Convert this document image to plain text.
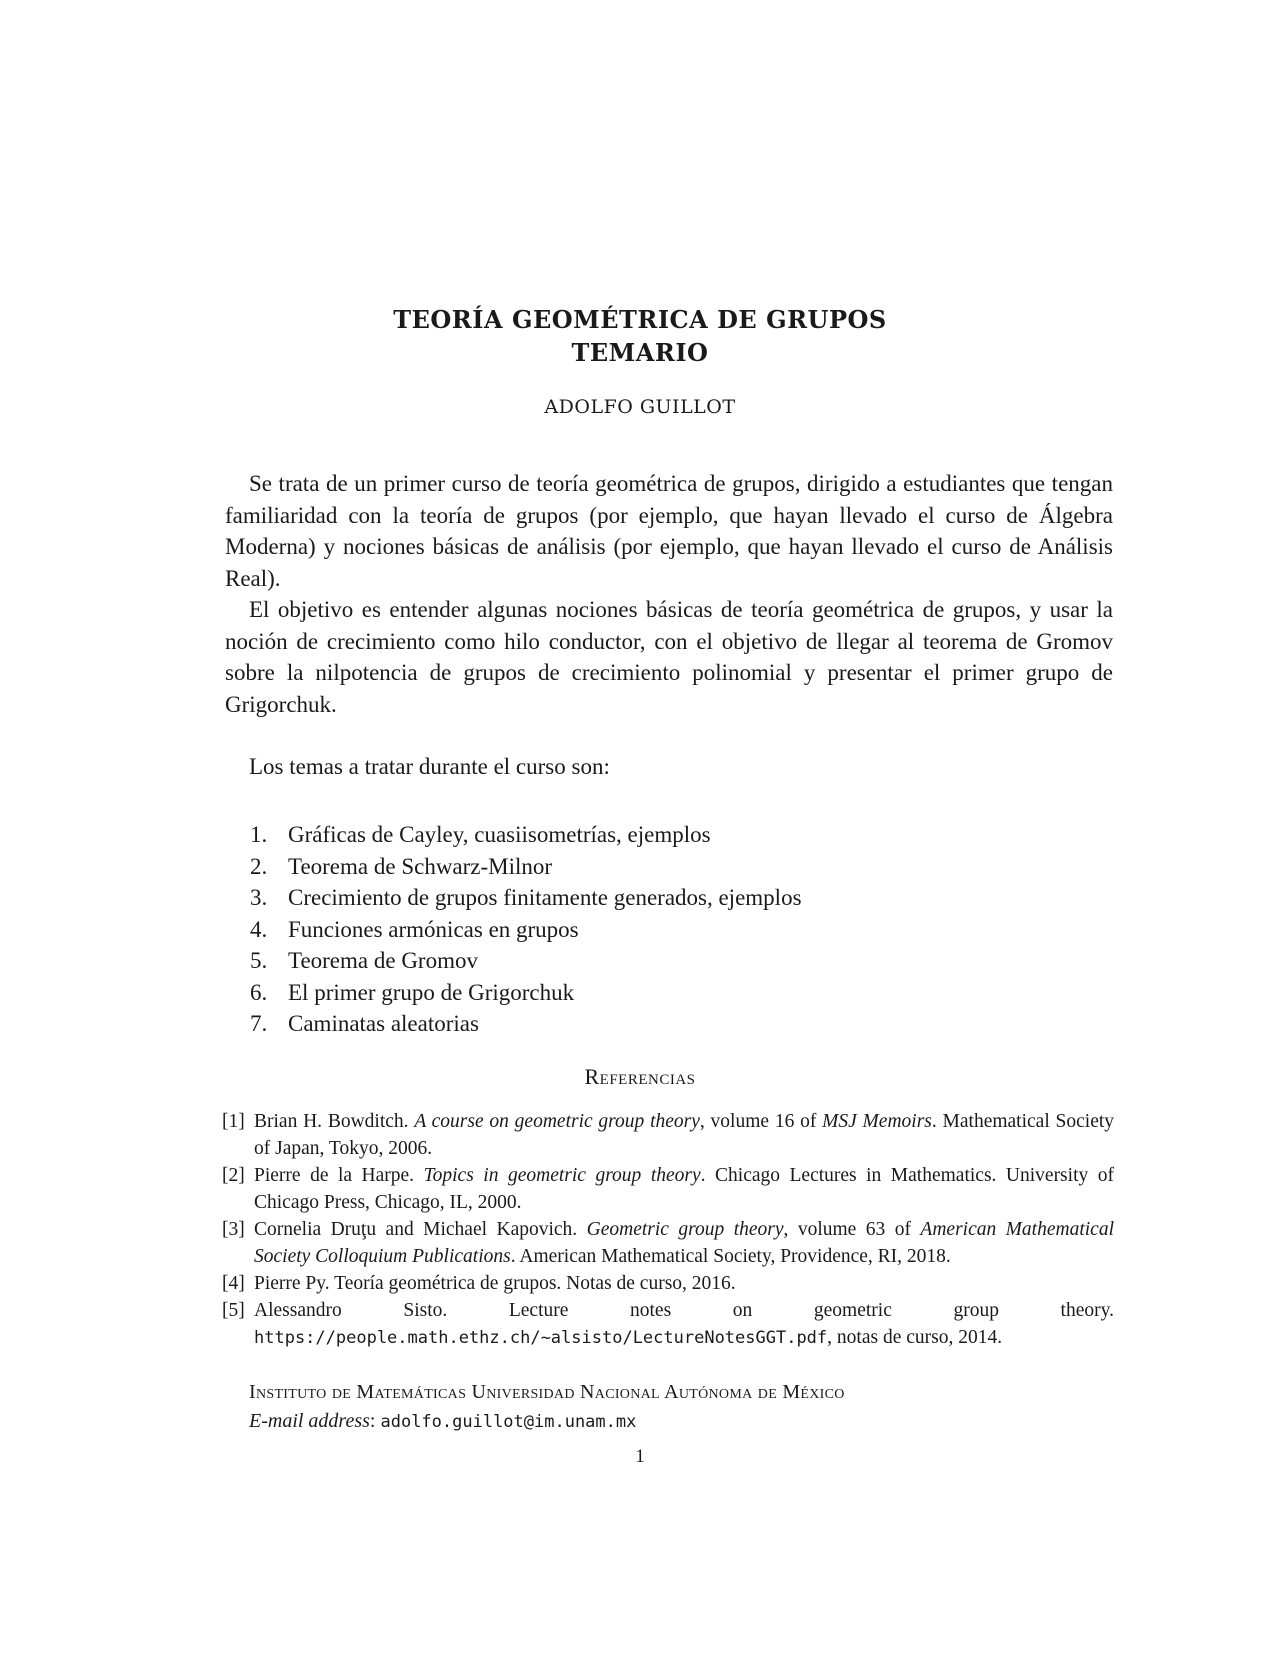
TEORÍA GEOMÉTRICA DE GRUPOS
TEMARIO
ADOLFO GUILLOT

Se trata de un primer curso de teoría geométrica de grupos, dirigido a estudiantes que tengan familiaridad con la teoría de grupos (por ejemplo, que hayan llevado el curso de Álgebra Moderna) y nociones básicas de análisis (por ejemplo, que hayan llevado el curso de Análisis Real).

El objetivo es entender algunas nociones básicas de teoría geométrica de grupos, y usar la noción de crecimiento como hilo conductor, con el objetivo de llegar al teorema de Gromov sobre la nilpotencia de grupos de crecimiento polinomial y presentar el primer grupo de Grigorchuk.

Los temas a tratar durante el curso son:
1. Gráficas de Cayley, cuasiisometrías, ejemplos
2. Teorema de Schwarz-Milnor
3. Crecimiento de grupos finitamente generados, ejemplos
4. Funciones armónicas en grupos
5. Teorema de Gromov
6. El primer grupo de Grigorchuk
7. Caminatas aleatorias
Referencias
[1] Brian H. Bowditch. A course on geometric group theory, volume 16 of MSJ Memoirs. Mathematical Society of Japan, Tokyo, 2006.
[2] Pierre de la Harpe. Topics in geometric group theory. Chicago Lectures in Mathematics. University of Chicago Press, Chicago, IL, 2000.
[3] Cornelia Druţu and Michael Kapovich. Geometric group theory, volume 63 of American Mathematical Society Colloquium Publications. American Mathematical Society, Providence, RI, 2018.
[4] Pierre Py. Teoría geométrica de grupos. Notas de curso, 2016.
[5] Alessandro Sisto. Lecture notes on geometric group theory. https://people.math.ethz.ch/~alsisto/LectureNotesGGT.pdf, notas de curso, 2014.
Instituto de Matemáticas Universidad Nacional Autónoma de México
E-mail address: adolfo.guillot@im.unam.mx
1
